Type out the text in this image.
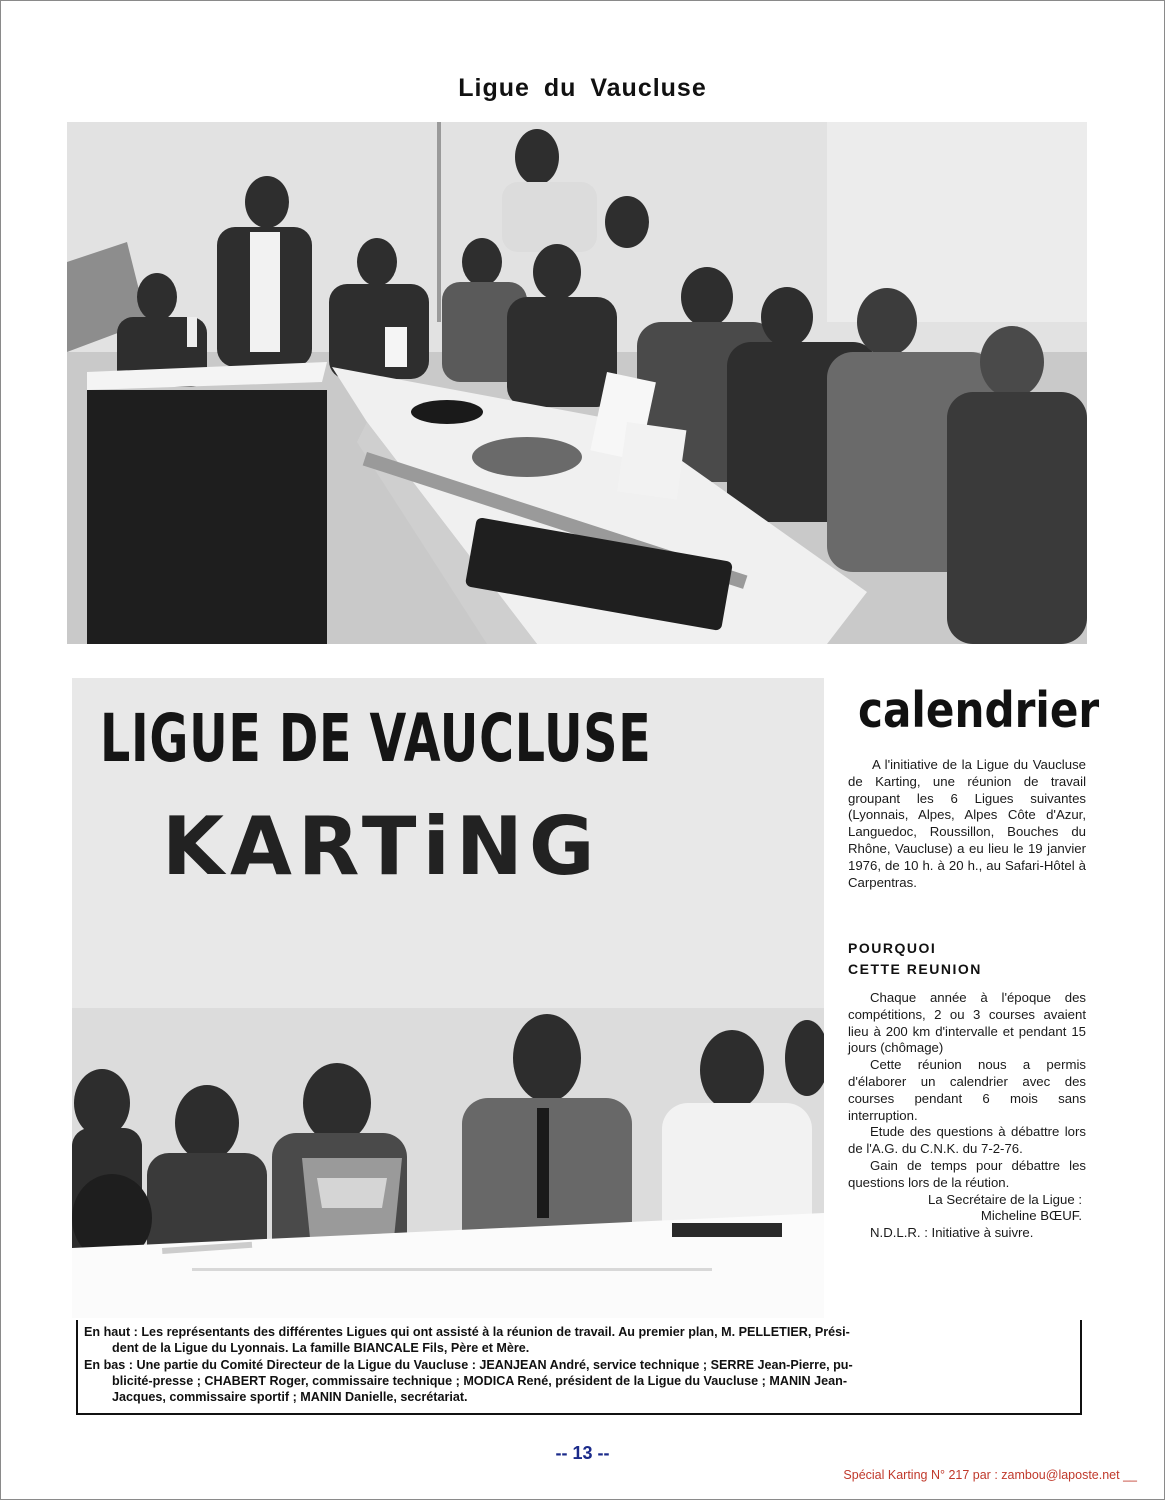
Ligue du Vaucluse
LIGUE DE VAUCLUSE
KARTiNG
calendrier
A l'initiative de la Ligue du Vaucluse de Karting, une réunion de travail groupant les 6 Ligues suivantes (Lyonnais, Alpes, Alpes Côte d'Azur, Languedoc, Roussillon, Bouches du Rhône, Vaucluse) a eu lieu le 19 janvier 1976, de 10 h. à 20 h., au Safari-Hôtel à Carpentras.
POURQUOI
CETTE REUNION

Chaque année à l'époque des compétitions, 2 ou 3 courses avaient lieu à 200 km d'intervalle et pendant 15 jours (chômage)

Cette réunion nous a permis d'élaborer un calendrier avec des courses pendant 6 mois sans interruption.

Etude des questions à débattre lors de l'A.G. du C.N.K. du 7-2-76.

Gain de temps pour débattre les questions lors de la réution.

La Secrétaire de la Ligue :

Micheline BŒUF.

N.D.L.R. : Initiative à suivre.

En haut : Les représentants des différentes Ligues qui ont assisté à la réunion de travail. Au premier plan, M. PELLETIER, Prési-

dent de la Ligue du Lyonnais. La famille BIANCALE Fils, Père et Mère.

En bas : Une partie du Comité Directeur de la Ligue du Vaucluse : JEANJEAN André, service technique ; SERRE Jean-Pierre, pu-

blicité-presse ; CHABERT Roger, commissaire technique ; MODICA René, président de la Ligue du Vaucluse ; MANIN Jean-

Jacques, commissaire sportif ; MANIN Danielle, secrétariat.

-- 13 --
Spécial Karting N° 217 par : zambou@laposte.net __
